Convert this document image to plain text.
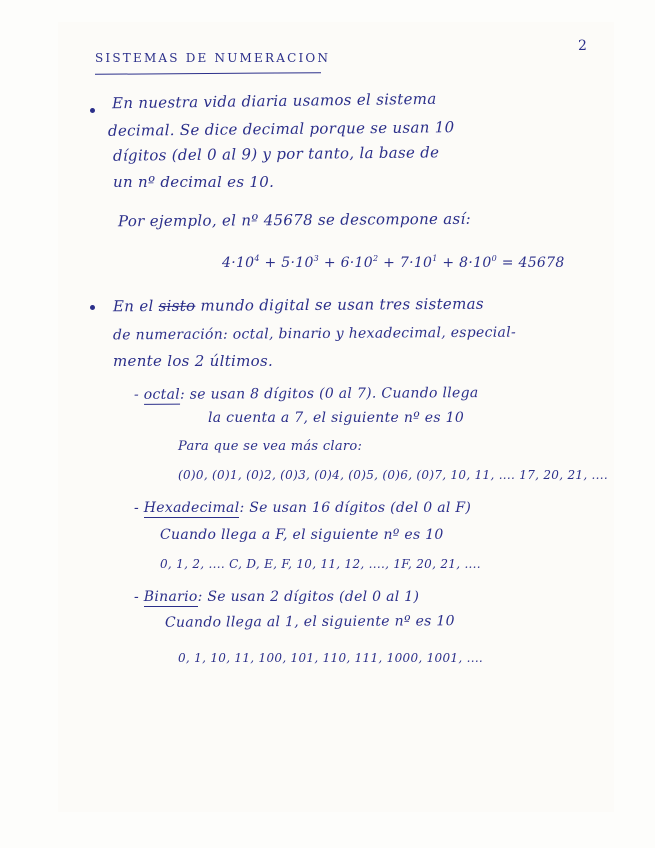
2
SISTEMAS DE NUMERACION
En nuestra vida diaria usamos el sistema
decimal. Se dice decimal porque se usan 10
dígitos (del 0 al 9) y por tanto, la base de
un nº decimal es 10.
Por ejemplo, el nº 45678 se descompone así:
$4\cdot 10^4 + 5\cdot 10^3 + 6\cdot 10^2 + 7\cdot 10^1 + 8\cdot 10^0 = 45678$
En el sisto mundo digital se usan tres sistemas
de numeración: octal, binario y hexadecimal, especial-
mente los 2 últimos.
- octal: se usan 8 dígitos (0 al 7). Cuando llega
la cuenta a 7, el siguiente nº es 10
Para que se vea más claro:
(0)0, (0)1, (0)2, (0)3, (0)4, (0)5, (0)6, (0)7, 10, 11, .... 17, 20, 21, ....
- Hexadecimal: Se usan 16 dígitos (del 0 al F)
Cuando llega a F, el siguiente nº es 10
0, 1, 2, .... C, D, E, F, 10, 11, 12, ...., 1F, 20, 21, ....
- Binario: Se usan 2 dígitos (del 0 al 1)
Cuando llega al 1, el siguiente nº es 10
0, 1, 10, 11, 100, 101, 110, 111, 1000, 1001, ....
